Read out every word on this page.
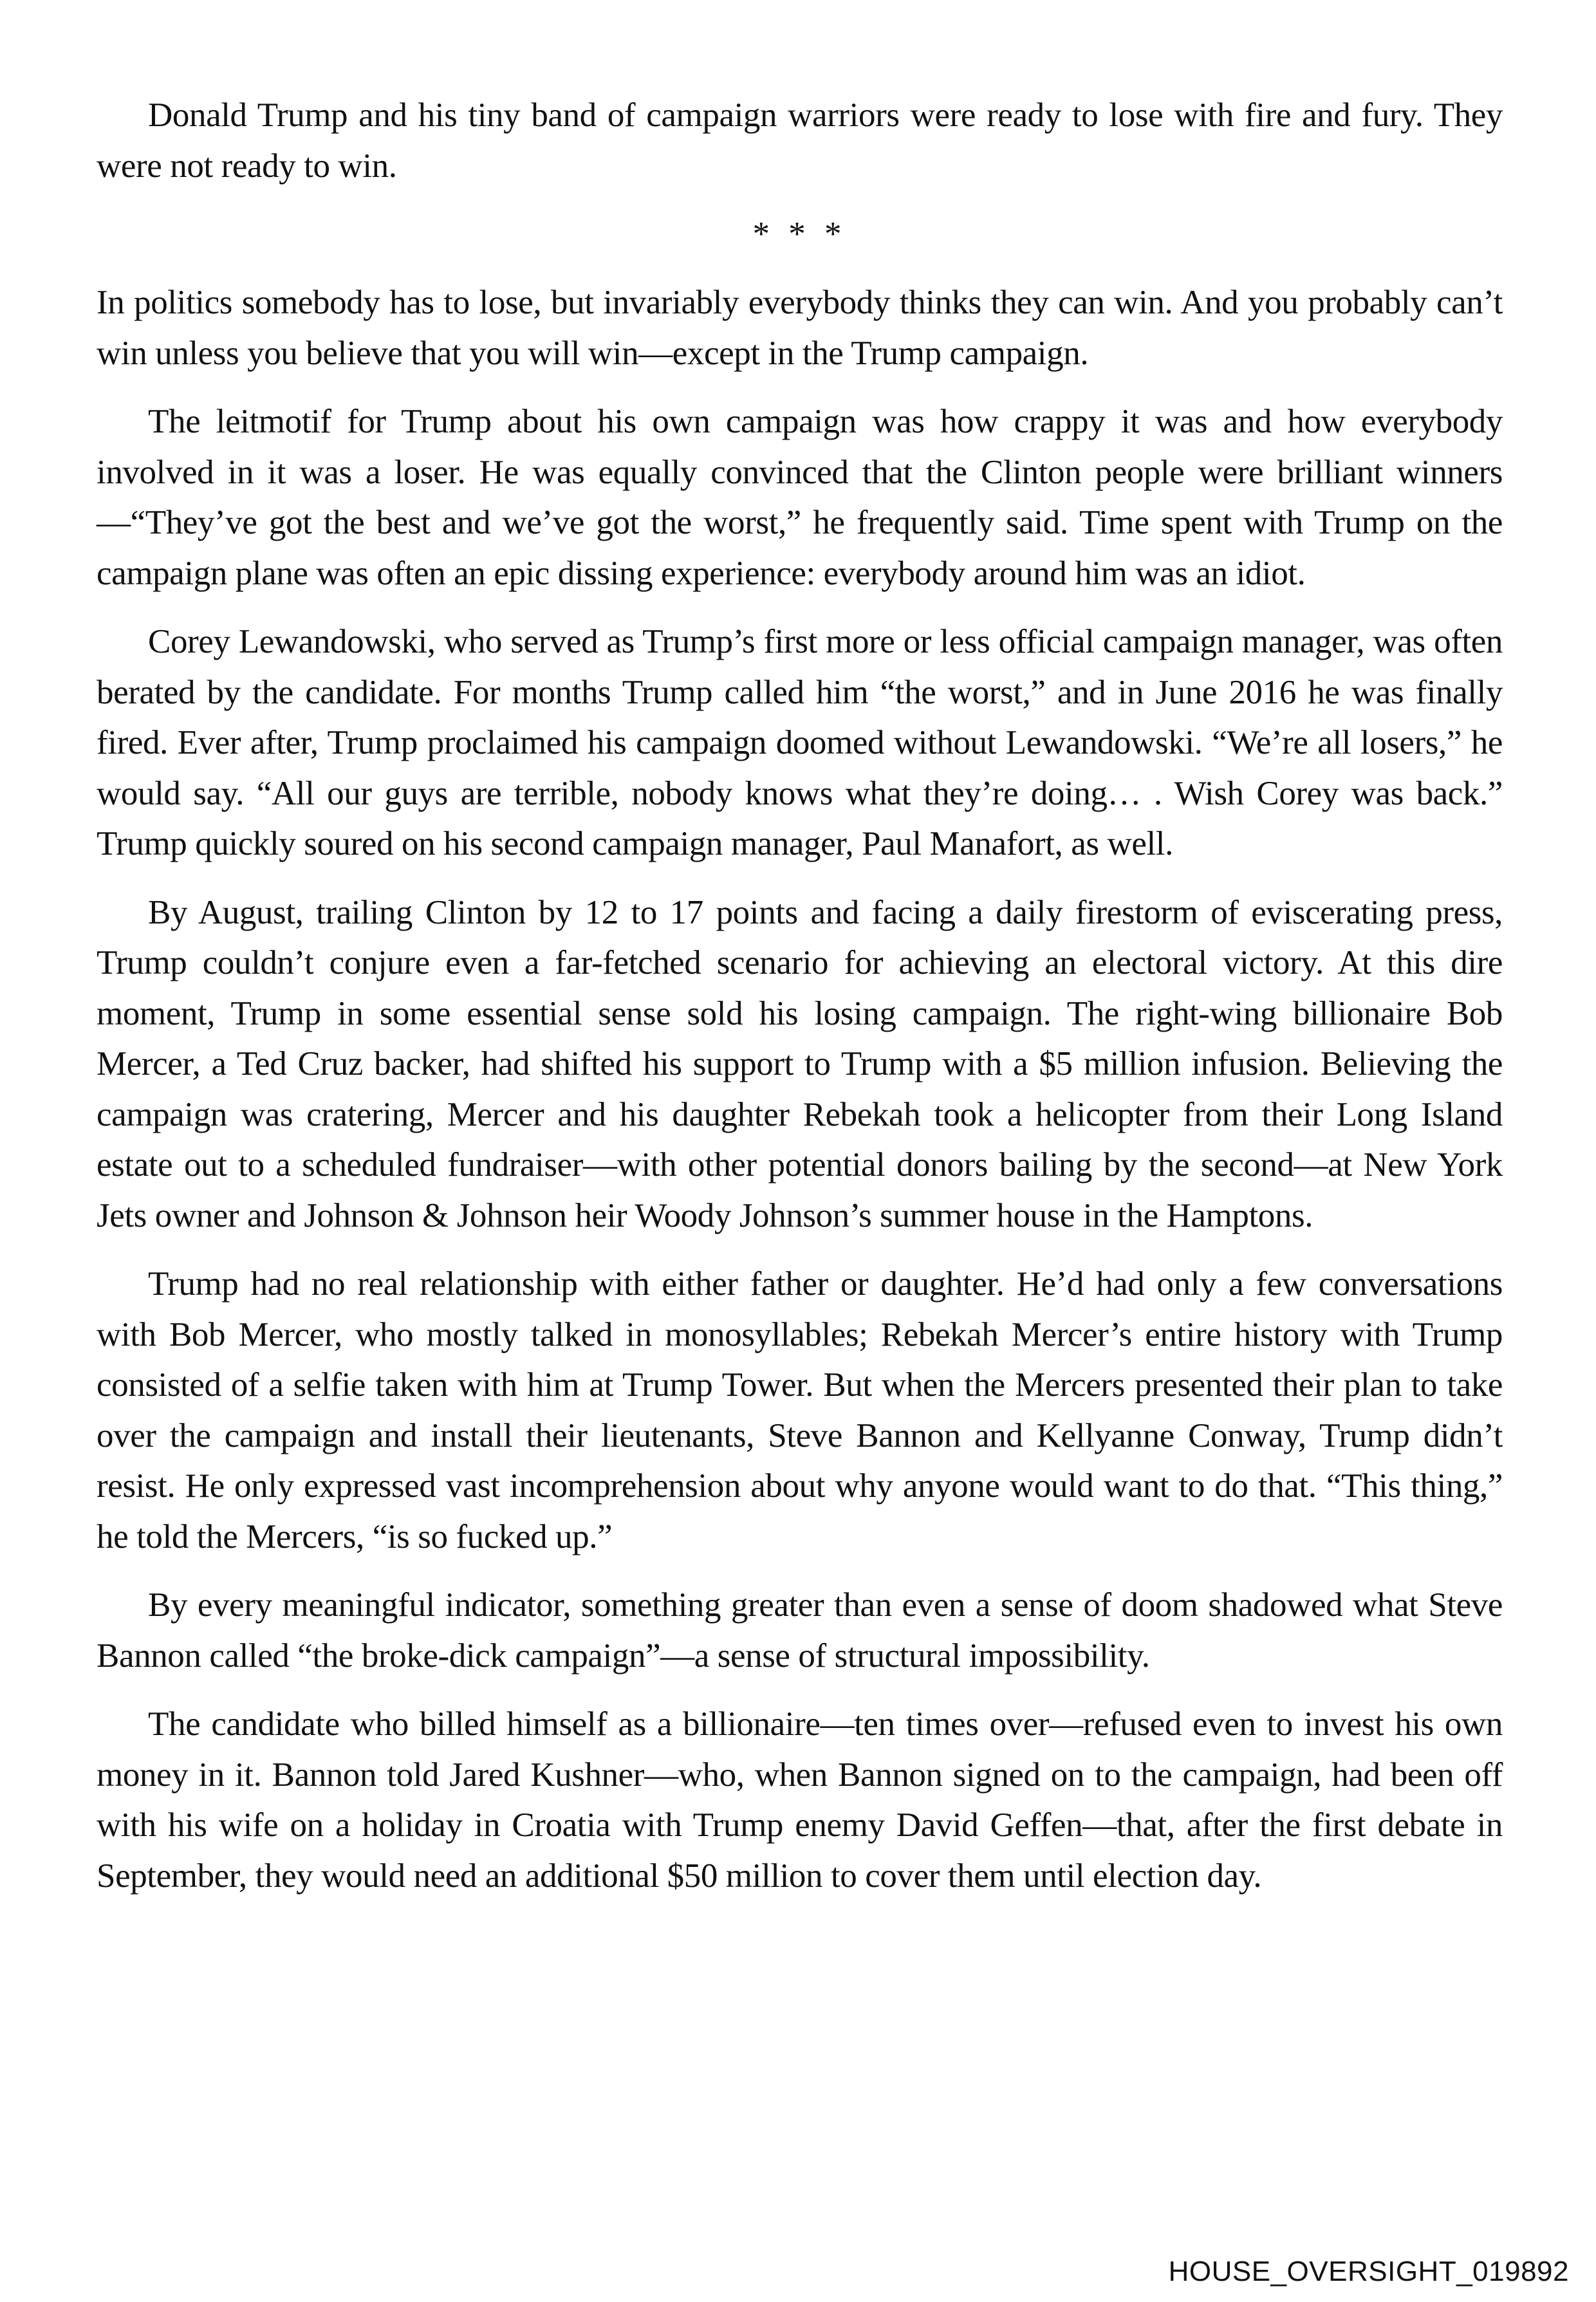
Donald Trump and his tiny band of campaign warriors were ready to lose with fire and fury. They were not ready to win.

* * *

In politics somebody has to lose, but invariably everybody thinks they can win. And you probably can’t win unless you believe that you will win—except in the Trump campaign.

The leitmotif for Trump about his own campaign was how crappy it was and how everybody involved in it was a loser. He was equally convinced that the Clinton people were brilliant winners—“They’ve got the best and we’ve got the worst,” he frequently said. Time spent with Trump on the campaign plane was often an epic dissing experience: everybody around him was an idiot.

Corey Lewandowski, who served as Trump’s first more or less official campaign manager, was often berated by the candidate. For months Trump called him “the worst,” and in June 2016 he was finally fired. Ever after, Trump proclaimed his campaign doomed without Lewandowski. “We’re all losers,” he would say. “All our guys are terrible, nobody knows what they’re doing… . Wish Corey was back.” Trump quickly soured on his second campaign manager, Paul Manafort, as well.

By August, trailing Clinton by 12 to 17 points and facing a daily firestorm of eviscerating press, Trump couldn’t conjure even a far-fetched scenario for achieving an electoral victory. At this dire moment, Trump in some essential sense sold his losing campaign. The right-wing billionaire Bob Mercer, a Ted Cruz backer, had shifted his support to Trump with a $5 million infusion. Believing the campaign was cratering, Mercer and his daughter Rebekah took a helicopter from their Long Island estate out to a scheduled fundraiser—with other potential donors bailing by the second—at New York Jets owner and Johnson & Johnson heir Woody Johnson’s summer house in the Hamptons.

Trump had no real relationship with either father or daughter. He’d had only a few conversations with Bob Mercer, who mostly talked in monosyllables; Rebekah Mercer’s entire history with Trump consisted of a selfie taken with him at Trump Tower. But when the Mercers presented their plan to take over the campaign and install their lieutenants, Steve Bannon and Kellyanne Conway, Trump didn’t resist. He only expressed vast incomprehension about why anyone would want to do that. “This thing,” he told the Mercers, “is so fucked up.”

By every meaningful indicator, something greater than even a sense of doom shadowed what Steve Bannon called “the broke-dick campaign”—a sense of structural impossibility.

The candidate who billed himself as a billionaire—ten times over—refused even to invest his own money in it. Bannon told Jared Kushner—who, when Bannon signed on to the campaign, had been off with his wife on a holiday in Croatia with Trump enemy David Geffen—that, after the first debate in September, they would need an additional $50 million to cover them until election day.

HOUSE_OVERSIGHT_019892
